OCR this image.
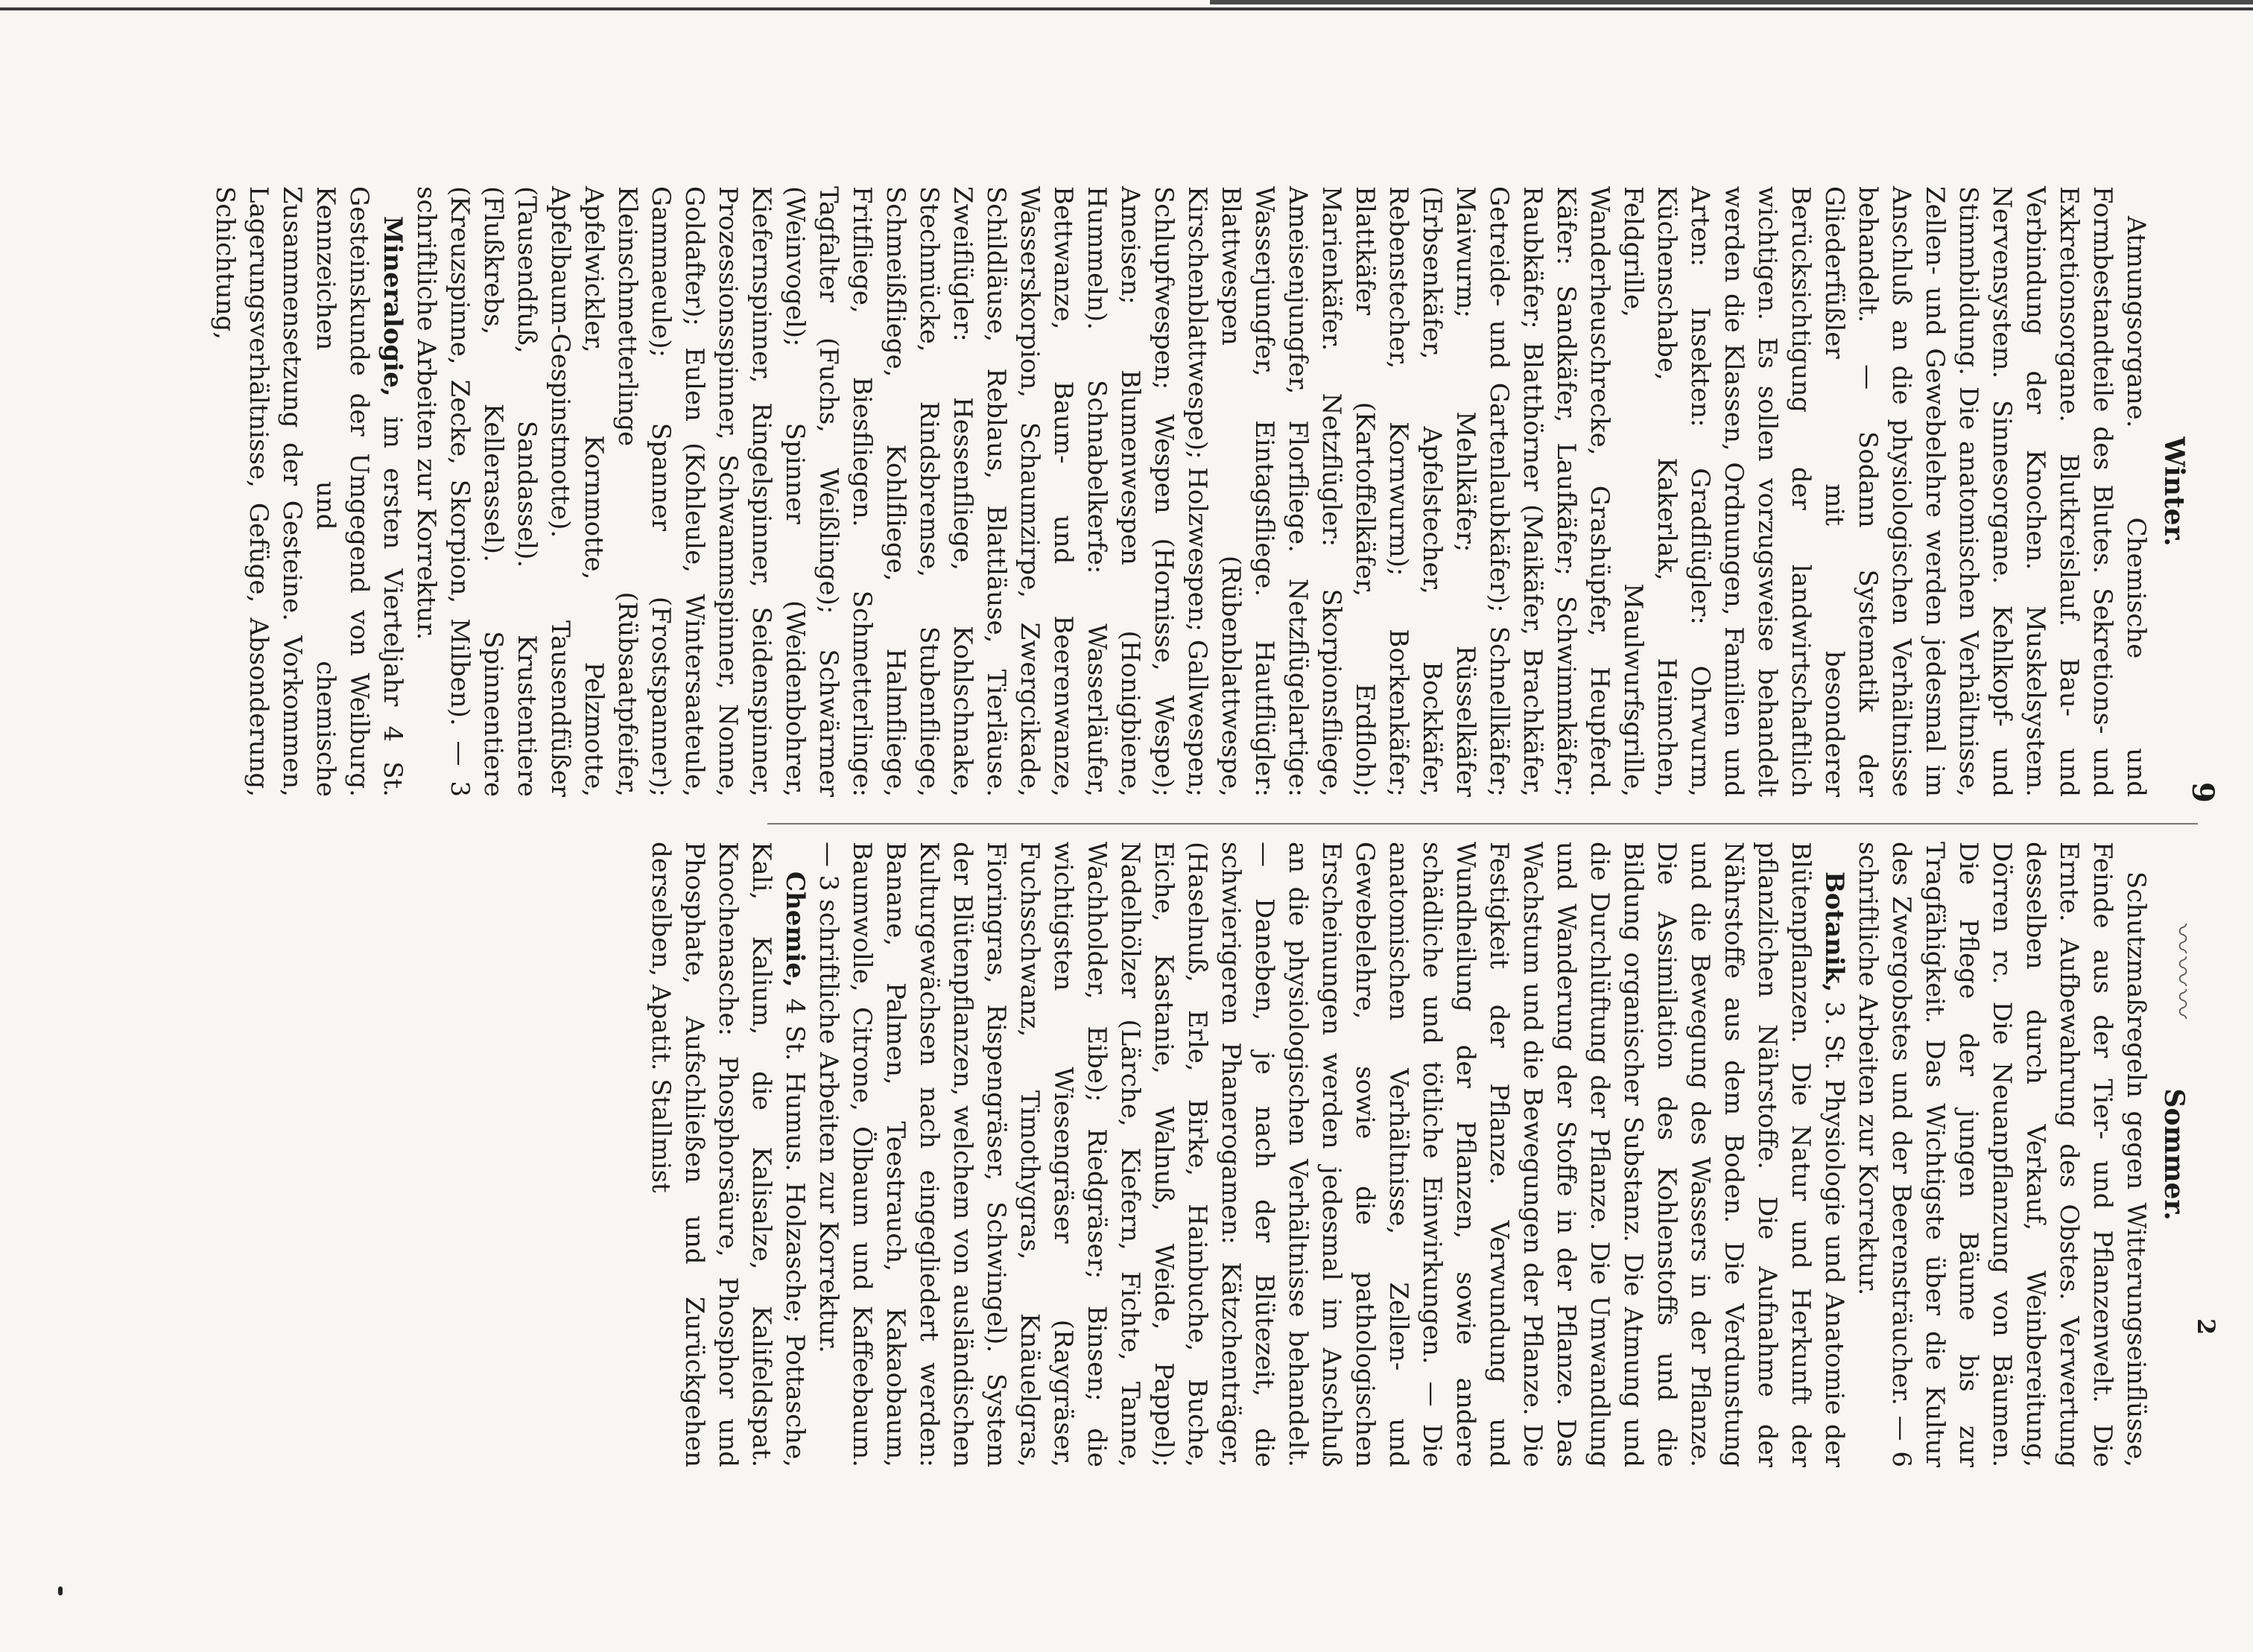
9
〰〰〰
2
Winter.

Atmungsorgane. Chemische und Formbestandteile des Blutes. Sekretions- und Exkretionsorgane. Blutkreislauf. Bau- und Verbindung der Knochen. Muskelsystem. Nervensystem. Sinnesorgane. Kehlkopf- und Stimmbildung. Die anatomischen Verhältnisse, Zellen- und Gewebelehre werden jedesmal im Anschluß an die physiologischen Verhältnisse behandelt. — Sodann Systematik der Gliederfüßler mit besonderer Berücksichtigung der landwirtschaftlich wichtigen. Es sollen vorzugsweise behandelt werden die Klassen, Ordnungen, Familien und Arten: Insekten: Gradflügler: Ohrwurm, Küchenschabe, Kakerlak, Heimchen, Feldgrille, Maulwurfsgrille, Wanderheuschrecke, Grashüpfer, Heupferd. Käfer: Sandkäfer, Laufkäfer; Schwimmkäfer; Raubkäfer; Blatthörner (Maikäfer, Brachkäfer, Getreide- und Gartenlaubkäfer); Schnellkäfer; Maiwurm; Mehlkäfer; Rüsselkäfer (Erbsenkäfer, Apfelstecher, Bockkäfer, Rebenstecher, Kornwurm); Borkenkäfer; Blattkäfer (Kartoffelkäfer, Erdfloh); Marienkäfer. Netzflügler: Skorpionsfliege, Ameisenjungfer, Florfliege. Netzflügelartige: Wasserjungfer, Eintagsfliege. Hautflügler: Blattwespen (Rübenblattwespe, Kirschenblattwespe); Holzwespen; Gallwespen; Schlupfwespen; Wespen (Hornisse, Wespe); Ameisen; Blumenwespen (Honigbiene, Hummeln). Schnabelkerfe: Wasserläufer, Bettwanze, Baum- und Beerenwanze, Wasserskorpion, Schaumzirpe, Zwergcikade, Schildläuse, Reblaus, Blattläuse, Tierläuse. Zweiflügler: Hessenfliege, Kohlschnake, Stechmücke, Rindsbremse, Stubenfliege, Schmeißfliege, Kohlfliege, Halmfliege, Fritfliege, Biesfliegen. Schmetterlinge: Tagfalter (Fuchs, Weißlinge); Schwärmer (Weinvogel); Spinner (Weidenbohrer, Kiefernspinner, Ringelspinner, Seidenspinner, Prozessionsspinner, Schwammspinner, Nonne, Goldafter); Eulen (Kohleule, Wintersaateule, Gammaeule); Spanner (Frostspanner); Kleinschmetterlinge (Rübsaatpfeifer, Apfelwickler, Kornmotte, Pelzmotte, Apfelbaum-Gespinstmotte). Tausendfüßer (Tausendfuß, Sandassel). Krustentiere (Flußkrebs, Kellerassel). Spinnentiere (Kreuzspinne, Zecke, Skorpion, Milben). — 3 schriftliche Arbeiten zur Korrektur.

Mineralogie, im ersten Vierteljahr 4 St. Gesteinskunde der Umgegend von Weilburg. Kennzeichen und chemische Zusammensetzung der Gesteine. Vorkommen, Lagerungsverhältnisse, Gefüge, Absonderung, Schichtung,

Sommer.

Schutzmaßregeln gegen Witterungseinflüsse, Feinde aus der Tier- und Pflanzenwelt. Die Ernte. Aufbewahrung des Obstes. Verwertung desselben durch Verkauf, Weinbereitung, Dörren rc. Die Neuanpflanzung von Bäumen. Die Pflege der jungen Bäume bis zur Tragfähigkeit. Das Wichtigste über die Kultur des Zwergobstes und der Beerensträucher. — 6 schriftliche Arbeiten zur Korrektur.

Botanik, 3. St. Physiologie und Anatomie der Blütenpflanzen. Die Natur und Herkunft der pflanzlichen Nährstoffe. Die Aufnahme der Nährstoffe aus dem Boden. Die Verdunstung und die Bewegung des Wassers in der Pflanze. Die Assimilation des Kohlenstoffs und die Bildung organischer Substanz. Die Atmung und die Durchlüftung der Pflanze. Die Umwandlung und Wanderung der Stoffe in der Pflanze. Das Wachstum und die Bewegungen der Pflanze. Die Festigkeit der Pflanze. Verwundung und Wundheilung der Pflanzen, sowie andere schädliche und tötliche Einwirkungen. — Die anatomischen Verhältnisse, Zellen- und Gewebelehre, sowie die pathologischen Erscheinungen werden jedesmal im Anschluß an die physiologischen Verhältnisse behandelt. — Daneben, je nach der Blütezeit, die schwierigeren Phanerogamen: Kätzchenträger, (Haselnuß, Erle, Birke, Hainbuche, Buche, Eiche, Kastanie, Walnuß, Weide, Pappel); Nadelhölzer (Lärche, Kiefern, Fichte, Tanne, Wachholder, Eibe); Riedgräser; Binsen; die wichtigsten Wiesengräser (Raygräser, Fuchsschwanz, Timothygras, Knäuelgras, Fioringras, Rispengräser, Schwingel). System der Blütenpflanzen, welchem von ausländischen Kulturgewächsen nach eingegliedert werden: Banane, Palmen, Teestrauch, Kakaobaum, Baumwolle, Citrone, Ölbaum und Kaffeebaum. — 3 schriftliche Arbeiten zur Korrektur.

Chemie, 4 St. Humus. Holzasche; Pottasche, Kali, Kalium, die Kalisalze, Kalifeldspat. Knochenasche: Phosphorsäure, Phosphor und Phosphate, Aufschließen und Zurückgehen derselben, Apatit. Stallmist
